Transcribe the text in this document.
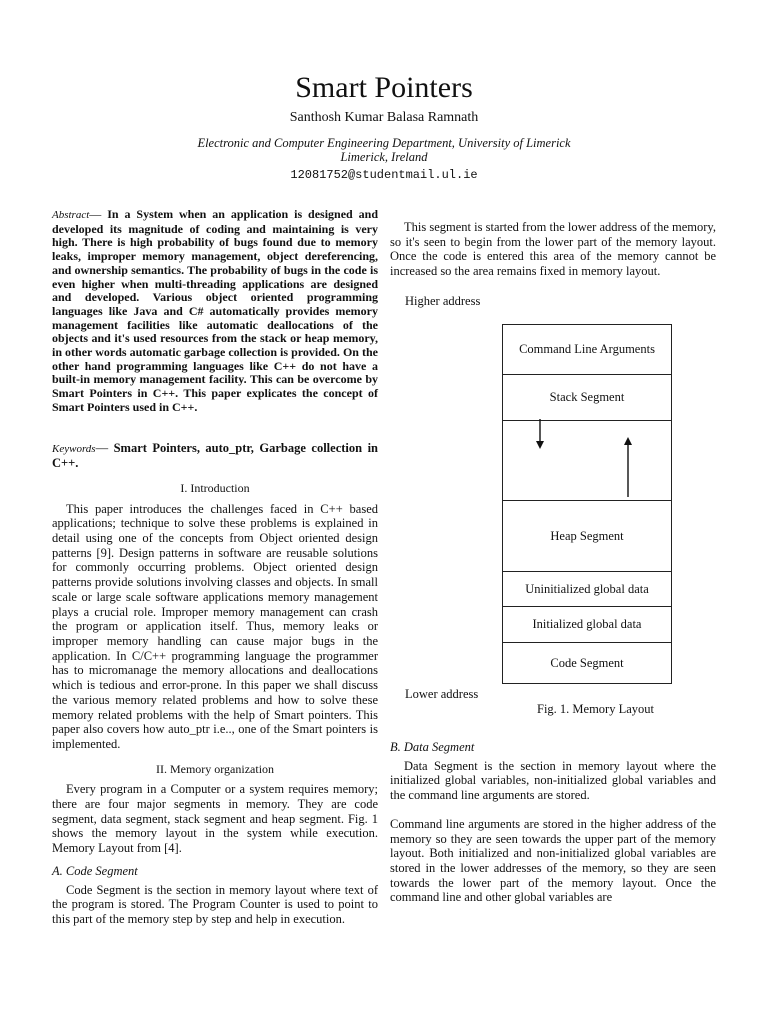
Smart Pointers
Santhosh Kumar Balasa Ramnath
Electronic and Computer Engineering Department, University of Limerick Limerick, Ireland
12081752@studentmail.ul.ie

Abstract— In a System when an application is designed and developed its magnitude of coding and maintaining is very high. There is high probability of bugs found due to memory leaks, improper memory management, object dereferencing, and ownership semantics. The probability of bugs in the code is even higher when multi-threading applications are designed and developed. Various object oriented programming languages like Java and C# automatically provides memory management facilities like automatic deallocations of the objects and it's used resources from the stack or heap memory, in other words automatic garbage collection is provided. On the other hand programming languages like C++ do not have a built-in memory management facility. This can be overcome by Smart Pointers in C++. This paper explicates the concept of Smart Pointers used in C++.

Keywords— Smart Pointers, auto_ptr, Garbage collection in C++.

I. Introduction

This paper introduces the challenges faced in C++ based applications; technique to solve these problems is explained in detail using one of the concepts from Object oriented design patterns [9]. Design patterns in software are reusable solutions for commonly occurring problems. Object oriented design patterns provide solutions involving classes and objects. In small scale or large scale software applications memory management plays a crucial role. Improper memory management can crash the program or application itself. Thus, memory leaks or improper memory handling can cause major bugs in the application. In C/C++ programming language the programmer has to micromanage the memory allocations and deallocations which is tedious and error-prone. In this paper we shall discuss the various memory related problems and how to solve these memory related problems with the help of Smart pointers. This paper also covers how auto_ptr i.e.., one of the Smart pointers is implemented.

II. Memory organization

Every program in a Computer or a system requires memory; there are four major segments in memory. They are code segment, data segment, stack segment and heap segment. Fig. 1 shows the memory layout in the system while execution. Memory Layout from [4].

A. Code Segment

Code Segment is the section in memory layout where text of the program is stored. The Program Counter is used to point to this part of the memory step by step and help in execution.

This segment is started from the lower address of the memory, so it's seen to begin from the lower part of the memory layout. Once the code is entered this area of the memory cannot be increased so the area remains fixed in memory layout.

Higher address
Command Line Arguments
Stack Segment
Heap Segment
Uninitialized global data
Initialized global data
Code Segment
Lower address
Fig. 1. Memory Layout
B. Data Segment

Data Segment is the section in memory layout where the initialized global variables, non-initialized global variables and the command line arguments are stored.

Command line arguments are stored in the higher address of the memory so they are seen towards the upper part of the memory layout. Both initialized and non-initialized global variables are stored in the lower addresses of the memory, so they are seen towards the lower part of the memory layout. Once the command line and other global variables are
